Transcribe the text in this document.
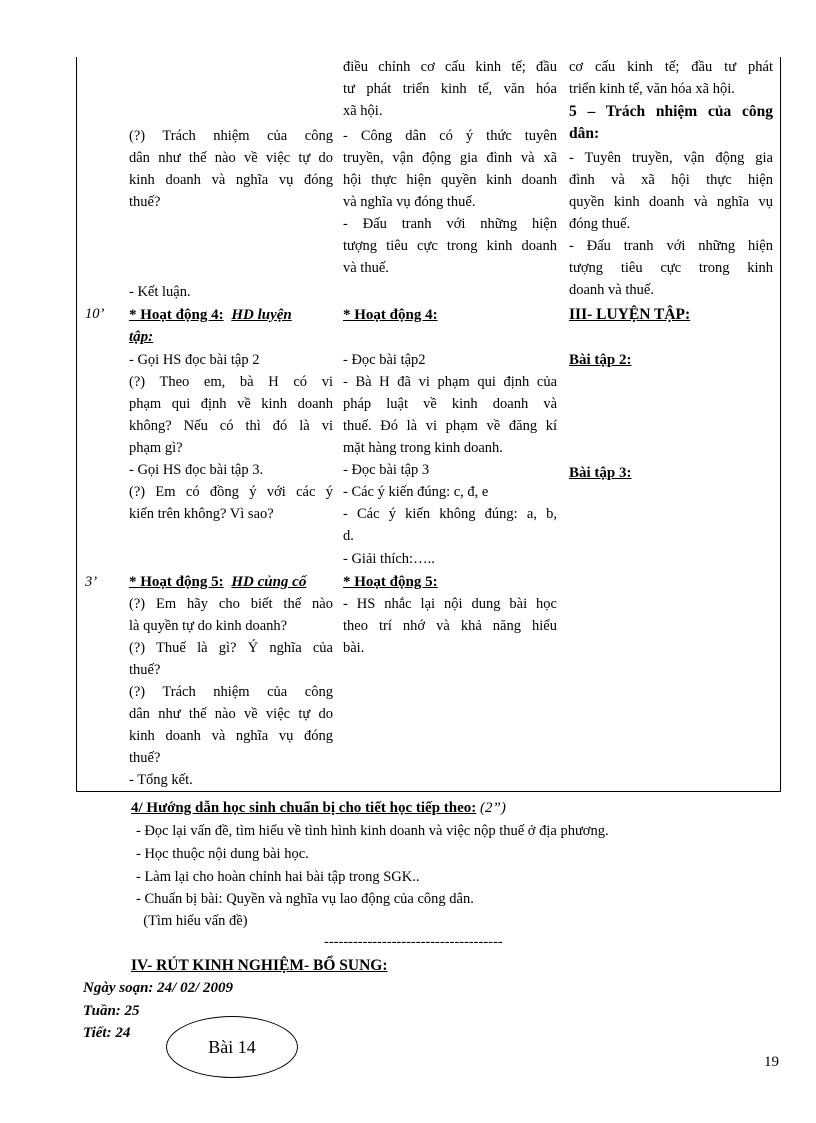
điều chỉnh cơ cấu kinh tế; đầu
tư phát triển kinh tế, văn hóa
xã hội.
cơ cấu kinh tế; đầu tư phát
triển kinh tế, văn hóa xã hội.
5 – Trách nhiệm của công
dân:
(?) Trách nhiệm của công
dân như thế nào về việc tự do
kinh doanh và nghĩa vụ đóng
thuế?
- Kết luận.
- Công dân có ý thức tuyên
truyền, vận động gia đình và xã
hội thực hiện quyền kinh doanh
và nghĩa vụ đóng thuế.
- Đấu tranh với những hiện
tượng tiêu cực trong kinh doanh
và thuế.
- Tuyên truyền, vận động gia
đình và xã hội thực hiện
quyền kinh doanh và nghĩa vụ
đóng thuế.
- Đấu tranh với những hiện
tượng tiêu cực trong kinh
doanh và thuế.
10’ * Hoạt động 4: HD luyện
tập:
- Gọi HS đọc bài tập 2
(?) Theo em, bà H có vi
phạm qui định về kinh doanh
không? Nếu có thì đó là vi
phạm gì?
- Gọi HS đọc bài tập 3.
(?) Em có đồng ý với các ý
kiến trên không? Vì sao?
* Hoạt động 4:
- Đọc bài tập2
- Bà H đã vi phạm qui định của
pháp luật về kinh doanh và
thuế. Đó là vi phạm về đăng kí
mặt hàng trong kinh doanh.
- Đọc bài tập 3
- Các ý kiến đúng: c, đ, e
- Các ý kiến không đúng: a, b,
d.
- Giải thích:…..
III- LUYỆN TẬP:
Bài tập 2:
Bài tập 3:
3’ * Hoạt động 5: HD củng cố
(?) Em hãy cho biết thế nào
là quyền tự do kinh doanh?
(?) Thuế là gì? Ý nghĩa của
thuế?
(?) Trách nhiệm của công
dân như thế nào về việc tự do
kinh doanh và nghĩa vụ đóng
thuế?
- Tổng kết.
* Hoạt động 5:
- HS nhắc lại nội dung bài học
theo trí nhớ và khả năng hiểu
bài.
4/ Hướng dẫn học sinh chuẩn bị cho tiết học tiếp theo: (2”)
- Đọc lại vấn đề, tìm hiểu về tình hình kinh doanh và việc nộp thuế ở địa phương.
- Học thuộc nội dung bài học.
- Làm lại cho hoàn chỉnh hai bài tập trong SGK..
- Chuẩn bị bài: Quyền và nghĩa vụ lao động của công dân.
(Tìm hiểu vấn đề)
-------------------------------------
IV- RÚT KINH NGHIỆM- BỔ SUNG:
Ngày soạn: 24/ 02/ 2009
Tuần: 25
Tiết: 24
Bài 14
19
